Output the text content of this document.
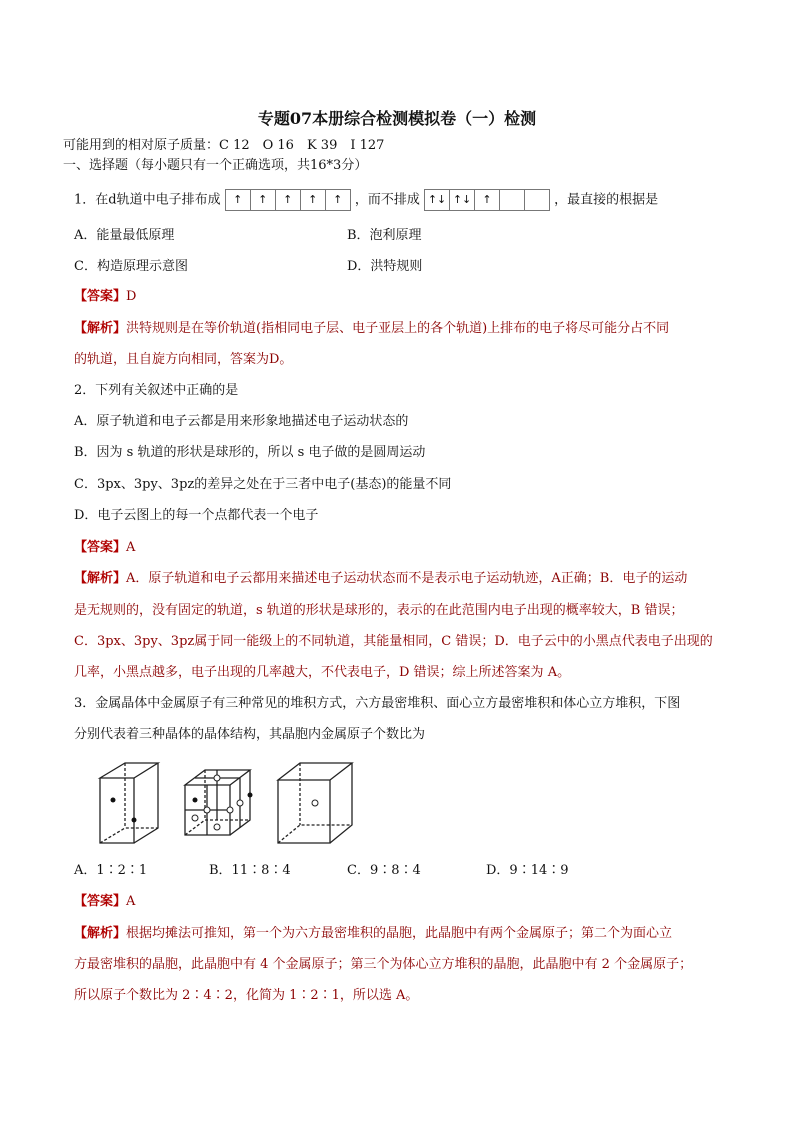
专题07本册综合检测模拟卷（一）检测
可能用到的相对原子质量：C 12　O 16　K 39　I 127
一、选择题（每小题只有一个正确选项，共16*3分）
1．在d轨道中电子排布成 ↑ ↑ ↑ ↑ ↑ ，而不排成 ↑↓ ↑↓ ↑	，最直接的根据是
A．能量最低原理	B．泡利原理
C．构造原理示意图	D．洪特规则
【答案】D
【解析】洪特规则是在等价轨道(指相同电子层、电子亚层上的各个轨道)上排布的电子将尽可能分占不同
的轨道，且自旋方向相同，答案为D。
2．下列有关叙述中正确的是
A．原子轨道和电子云都是用来形象地描述电子运动状态的
B．因为 s 轨道的形状是球形的，所以 s 电子做的是圆周运动
C．3px、3py、3pz的差异之处在于三者中电子(基态)的能量不同
D．电子云图上的每一个点都代表一个电子
【答案】A
【解析】A．原子轨道和电子云都用来描述电子运动状态而不是表示电子运动轨迹，A正确；B．电子的运动
是无规则的，没有固定的轨道，s 轨道的形状是球形的，表示的在此范围内电子出现的概率较大，B 错误；
C．3px、3py、3pz属于同一能级上的不同轨道，其能量相同，C 错误；D．电子云中的小黑点代表电子出现的
几率，小黑点越多，电子出现的几率越大，不代表电子，D 错误；综上所述答案为 A。
3．金属晶体中金属原子有三种常见的堆积方式，六方最密堆积、面心立方最密堆积和体心立方堆积，下图
分别代表着三种晶体的晶体结构，其晶胞内金属原子个数比为
A．1∶2∶1	B．11∶8∶4	C．9∶8∶4	D．9∶14∶9
【答案】A
【解析】根据均摊法可推知，第一个为六方最密堆积的晶胞，此晶胞中有两个金属原子；第二个为面心立
方最密堆积的晶胞，此晶胞中有 4 个金属原子；第三个为体心立方堆积的晶胞，此晶胞中有 2 个金属原子；
所以原子个数比为 2∶4∶2，化简为 1∶2∶1，所以选 A。
